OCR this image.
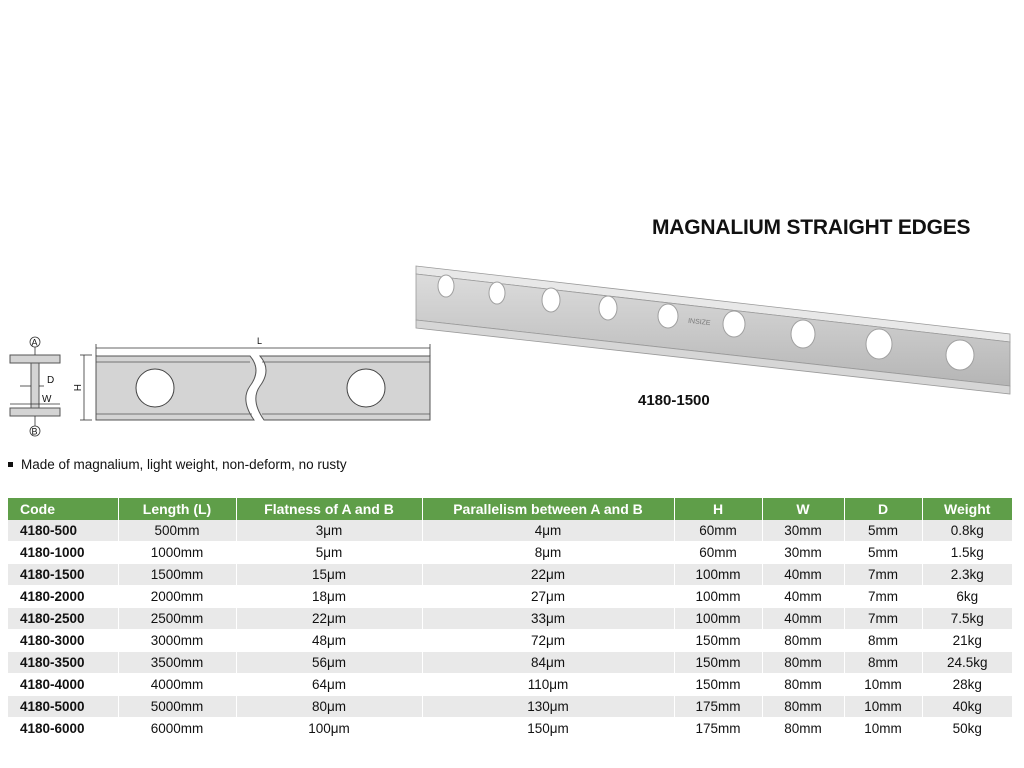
MAGNALIUM STRAIGHT EDGES
INSIZE
4180-1500
A
B
D
W
H
L
Made of magnalium, light weight, non-deform, no rusty
Code	Length (L)	Flatness of A and B	Parallelism between A and B	H	W	D	Weight
4180-500	500mm	3μm	4μm	60mm	30mm	5mm	0.8kg
4180-1000	1000mm	5μm	8μm	60mm	30mm	5mm	1.5kg
4180-1500	1500mm	15μm	22μm	100mm	40mm	7mm	2.3kg
4180-2000	2000mm	18μm	27μm	100mm	40mm	7mm	6kg
4180-2500	2500mm	22μm	33μm	100mm	40mm	7mm	7.5kg
4180-3000	3000mm	48μm	72μm	150mm	80mm	8mm	21kg
4180-3500	3500mm	56μm	84μm	150mm	80mm	8mm	24.5kg
4180-4000	4000mm	64μm	110μm	150mm	80mm	10mm	28kg
4180-5000	5000mm	80μm	130μm	175mm	80mm	10mm	40kg
4180-6000	6000mm	100μm	150μm	175mm	80mm	10mm	50kg
